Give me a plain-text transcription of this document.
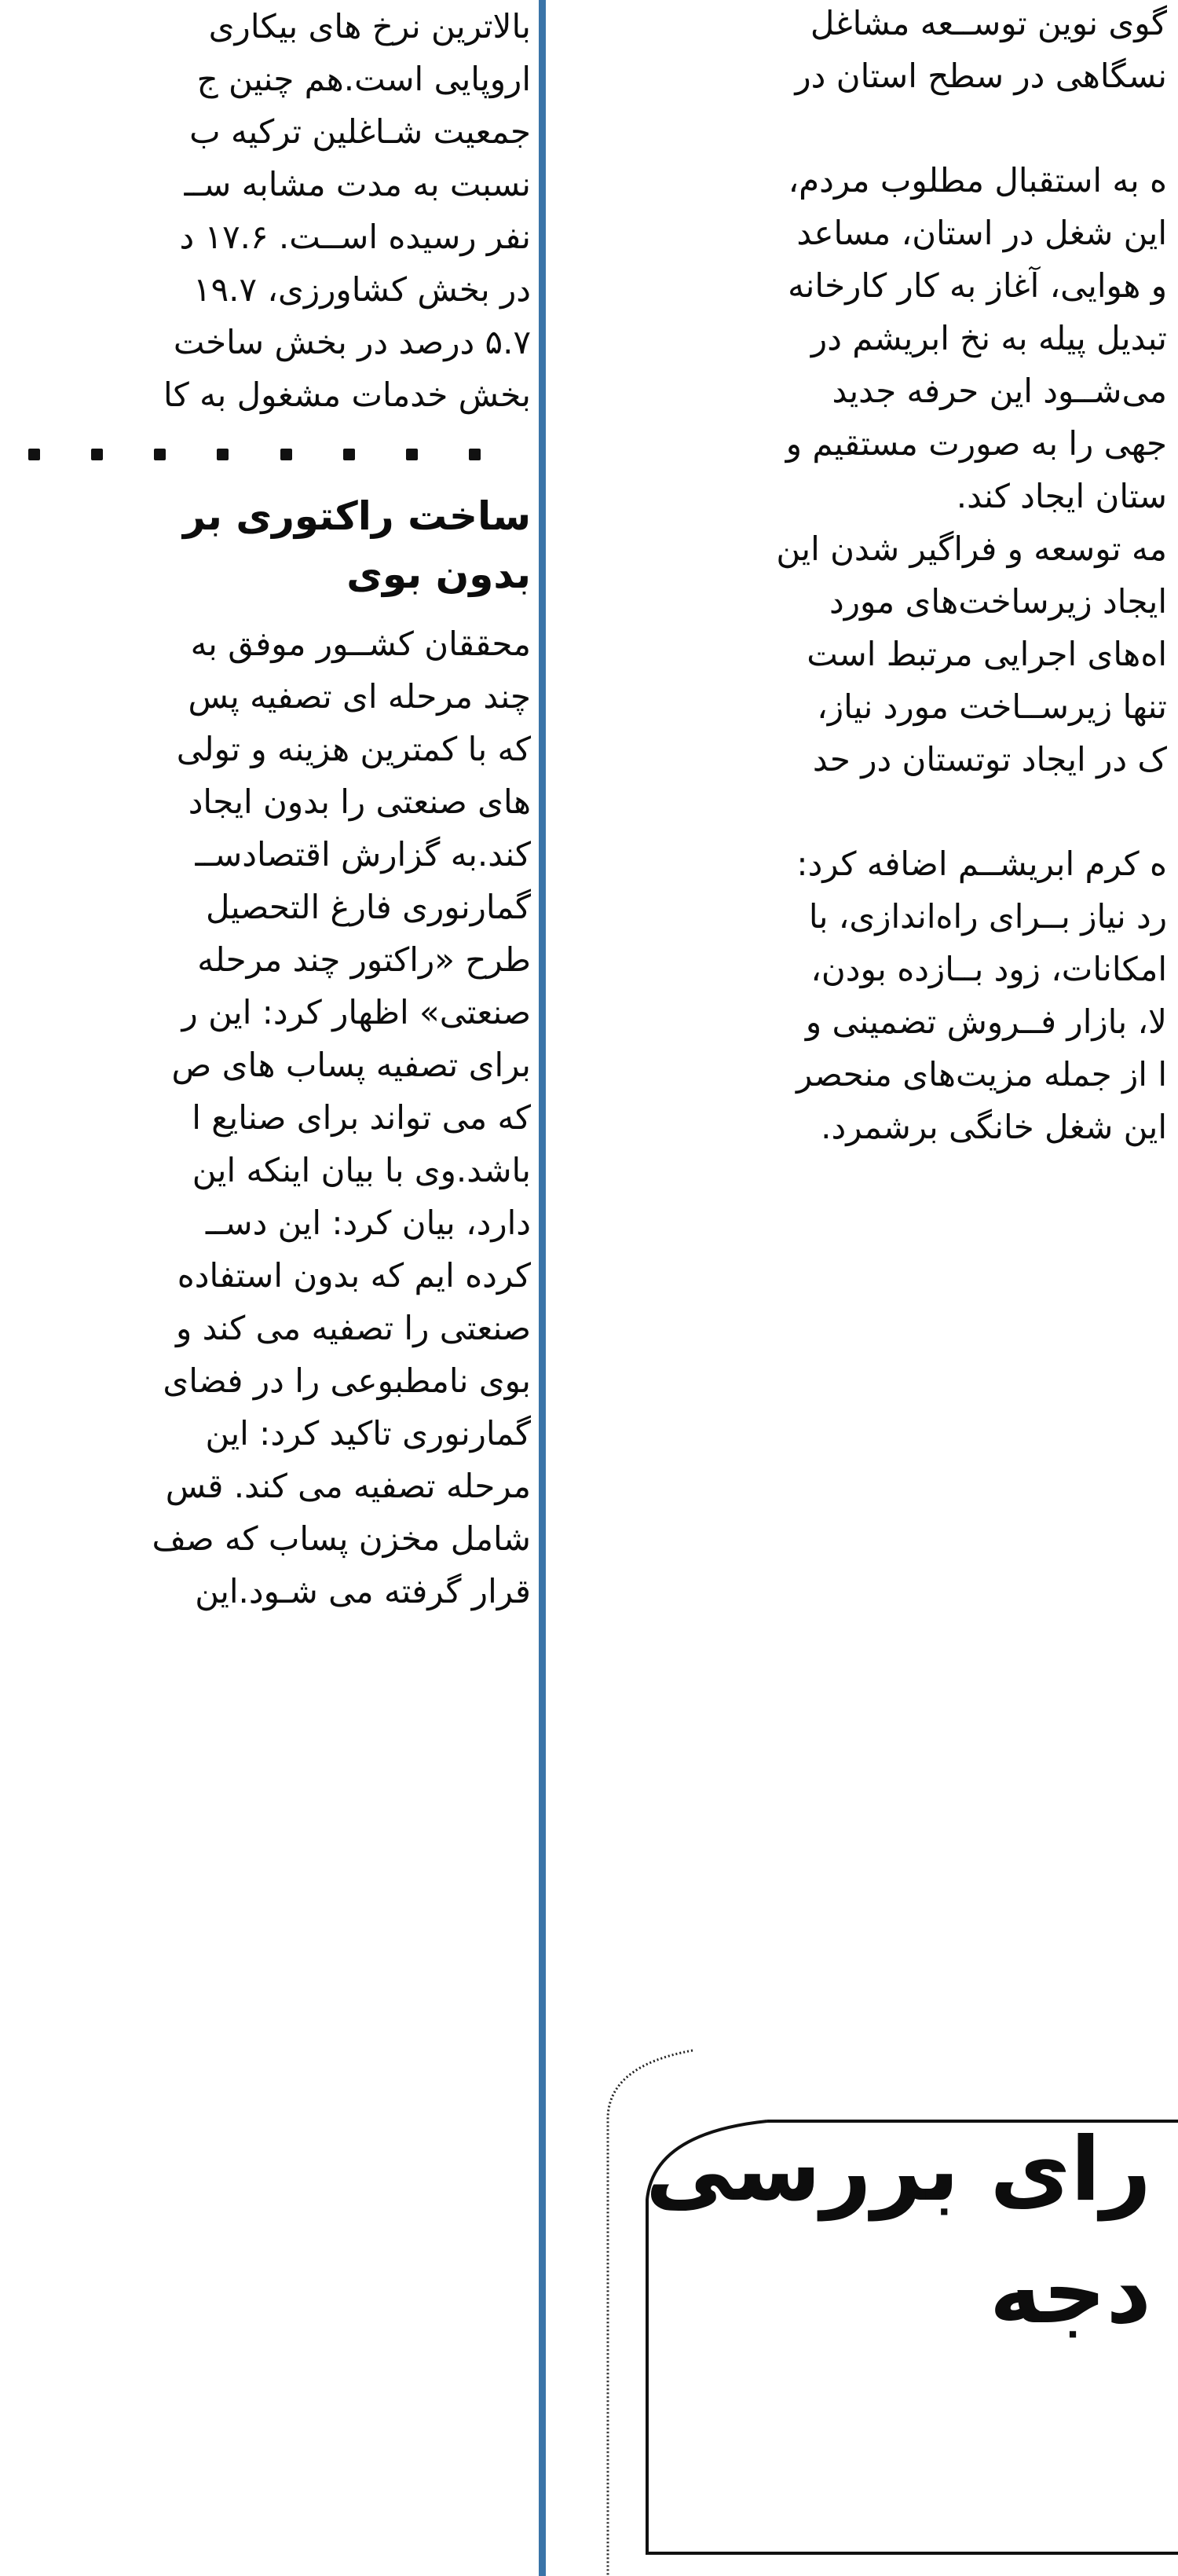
بالاترین نرخ های بیکاری
اروپایی است.هم چنین ج
جمعیت شـاغلین ترکیه ب
نسبت به مدت مشابه ســ
نفر رسیده اســت. ۱۷.۶ د
در بخش کشاورزی، ۱۹.۷
۵.۷ درصد در بخش ساخت
بخش خدمات مشغول به کا

ساخت راکتوری بر
بدون بوی

محققان کشــور موفق به
چند مرحله ای تصفیه پس
که با کمترین هزینه و تولی
های صنعتی را بدون ایجاد
کند.به گزارش اقتصادســ
گمارنوری فارغ التحصیل
طرح «راکتور چند مرحله
صنعتی» اظهار کرد: این ر
برای تصفیه پساب های ص
که می تواند برای صنایع ا
باشد.وی با بیان اینکه این
دارد، بیان کرد: این دســ
کرده ایم که بدون استفاده
صنعتی را تصفیه می کند و
بوی نامطبوعی را در فضای
گمارنوری تاکید کرد: این
مرحله تصفیه می کند. قس
شامل مخزن پساب که صف
قرار گرفته می شـود.این

گوی نوین توســعه مشاغل
نسگاهی در سطح استان در

ه به استقبال مطلوب مردم،
این شغل در استان، مساعد
و هوایی، آغاز به کار کارخانه
تبدیل پیله به نخ ابریشم در
می‌شــود این حرفه جدید
جهی را به صورت مستقیم و
ستان ایجاد کند.
مه توسعه و فراگیر شدن این
ایجاد زیرساخت‌های مورد
اه‌های اجرایی مرتبط است
تنها زیرســاخت مورد نیاز،
ک در ایجاد توتستان در حد

ه کرم ابریشــم اضافه کرد:
رد نیاز بــرای راه‌اندازی، با
امکانات، زود بــازده بودن،
لا، بازار فــروش تضمینی و
ا از جمله مزیت‌های منحصر
این شغل خانگی برشمرد.

رای بررسی
دجه
